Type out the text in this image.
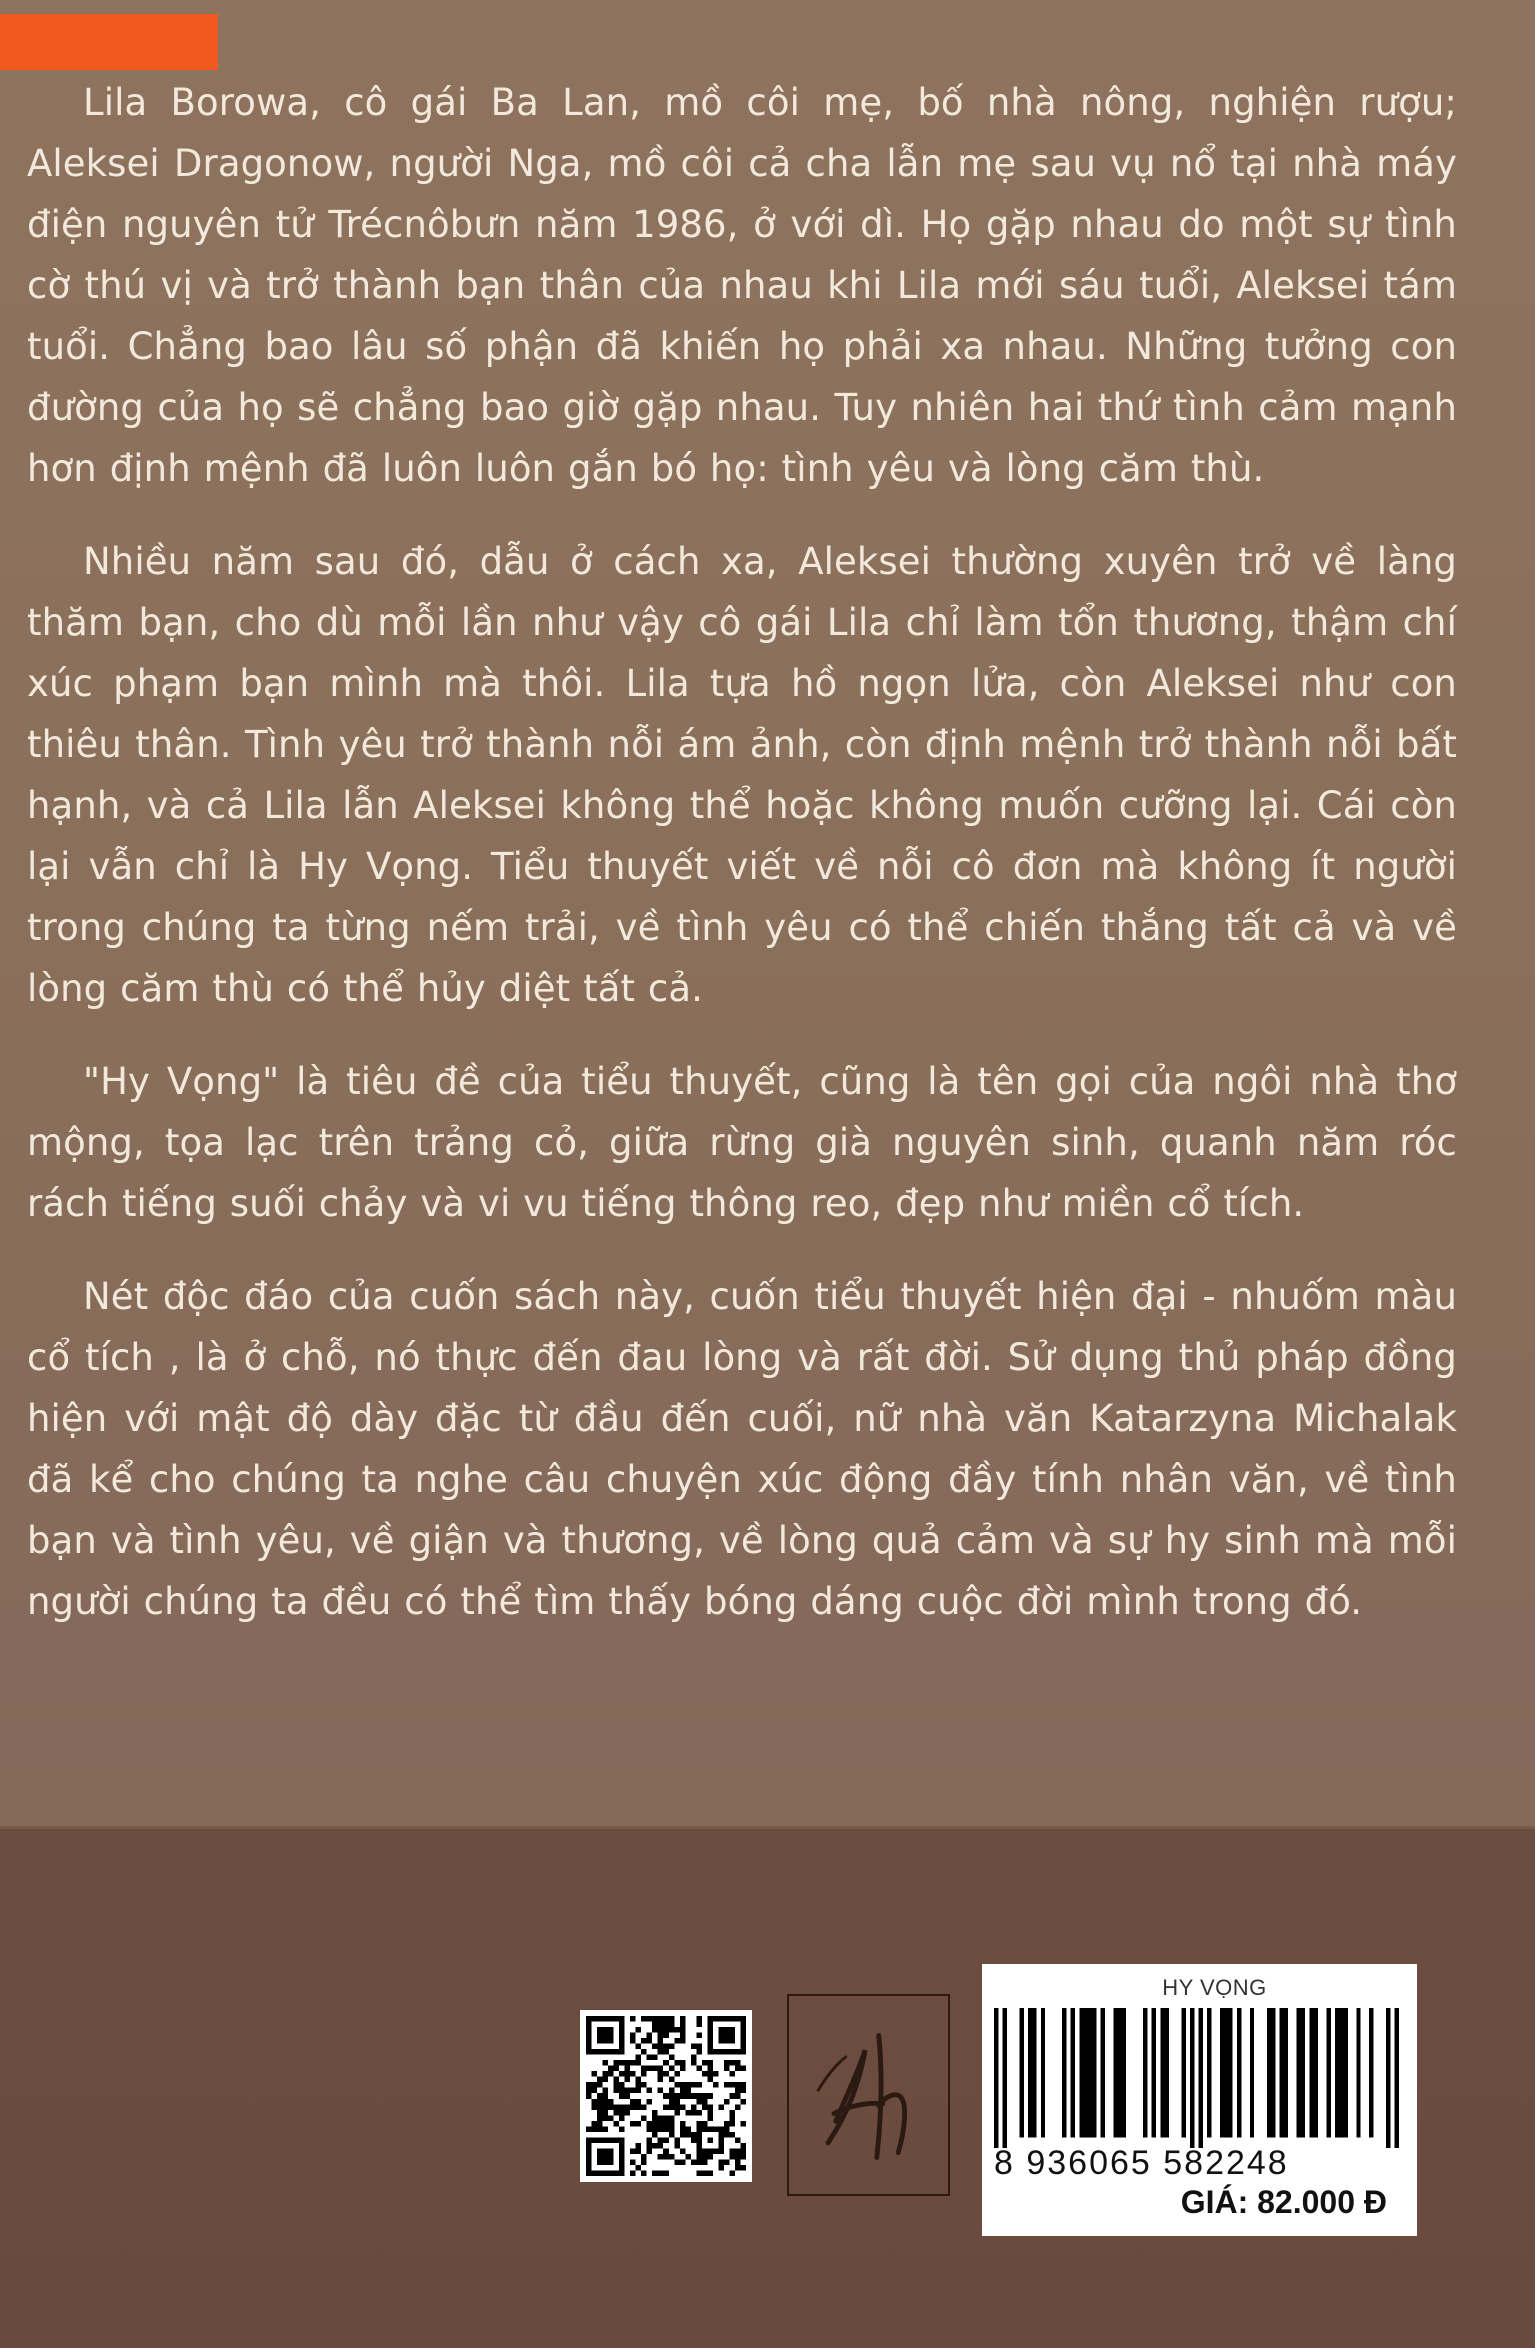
Lila Borowa, cô gái Ba Lan, mồ côi mẹ, bố nhà nông, nghiện rượu; Aleksei Dragonow, người Nga, mồ côi cả cha lẫn mẹ sau vụ nổ tại nhà máy điện nguyên tử Trécnôbưn năm 1986, ở với dì. Họ gặp nhau do một sự tình cờ thú vị và trở thành bạn thân của nhau khi Lila mới sáu tuổi, Aleksei tám tuổi. Chẳng bao lâu số phận đã khiến họ phải xa nhau. Những tưởng con đường của họ sẽ chẳng bao giờ gặp nhau. Tuy nhiên hai thứ tình cảm mạnh hơn định mệnh đã luôn luôn gắn bó họ: tình yêu và lòng căm thù.

Nhiều năm sau đó, dẫu ở cách xa, Aleksei thường xuyên trở về làng thăm bạn, cho dù mỗi lần như vậy cô gái Lila chỉ làm tổn thương, thậm chí xúc phạm bạn mình mà thôi. Lila tựa hồ ngọn lửa, còn Aleksei như con thiêu thân. Tình yêu trở thành nỗi ám ảnh, còn định mệnh trở thành nỗi bất hạnh, và cả Lila lẫn Aleksei không thể hoặc không muốn cưỡng lại. Cái còn lại vẫn chỉ là Hy Vọng. Tiểu thuyết viết về nỗi cô đơn mà không ít người trong chúng ta từng nếm trải, về tình yêu có thể chiến thắng tất cả và về lòng căm thù có thể hủy diệt tất cả.

"Hy Vọng" là tiêu đề của tiểu thuyết, cũng là tên gọi của ngôi nhà thơ mộng, tọa lạc trên trảng cỏ, giữa rừng già nguyên sinh, quanh năm róc rách tiếng suối chảy và vi vu tiếng thông reo, đẹp như miền cổ tích.

Nét độc đáo của cuốn sách này, cuốn tiểu thuyết hiện đại - nhuốm màu cổ tích , là ở chỗ, nó thực đến đau lòng và rất đời. Sử dụng thủ pháp đồng hiện với mật độ dày đặc từ đầu đến cuối, nữ nhà văn Katarzyna Michalak đã kể cho chúng ta nghe câu chuyện xúc động đầy tính nhân văn, về tình bạn và tình yêu, về giận và thương, về lòng quả cảm và sự hy sinh mà mỗi người chúng ta đều có thể tìm thấy bóng dáng cuộc đời mình trong đó.

HY VỌNG
8 936065 582248
GIÁ: 82.000 Đ
